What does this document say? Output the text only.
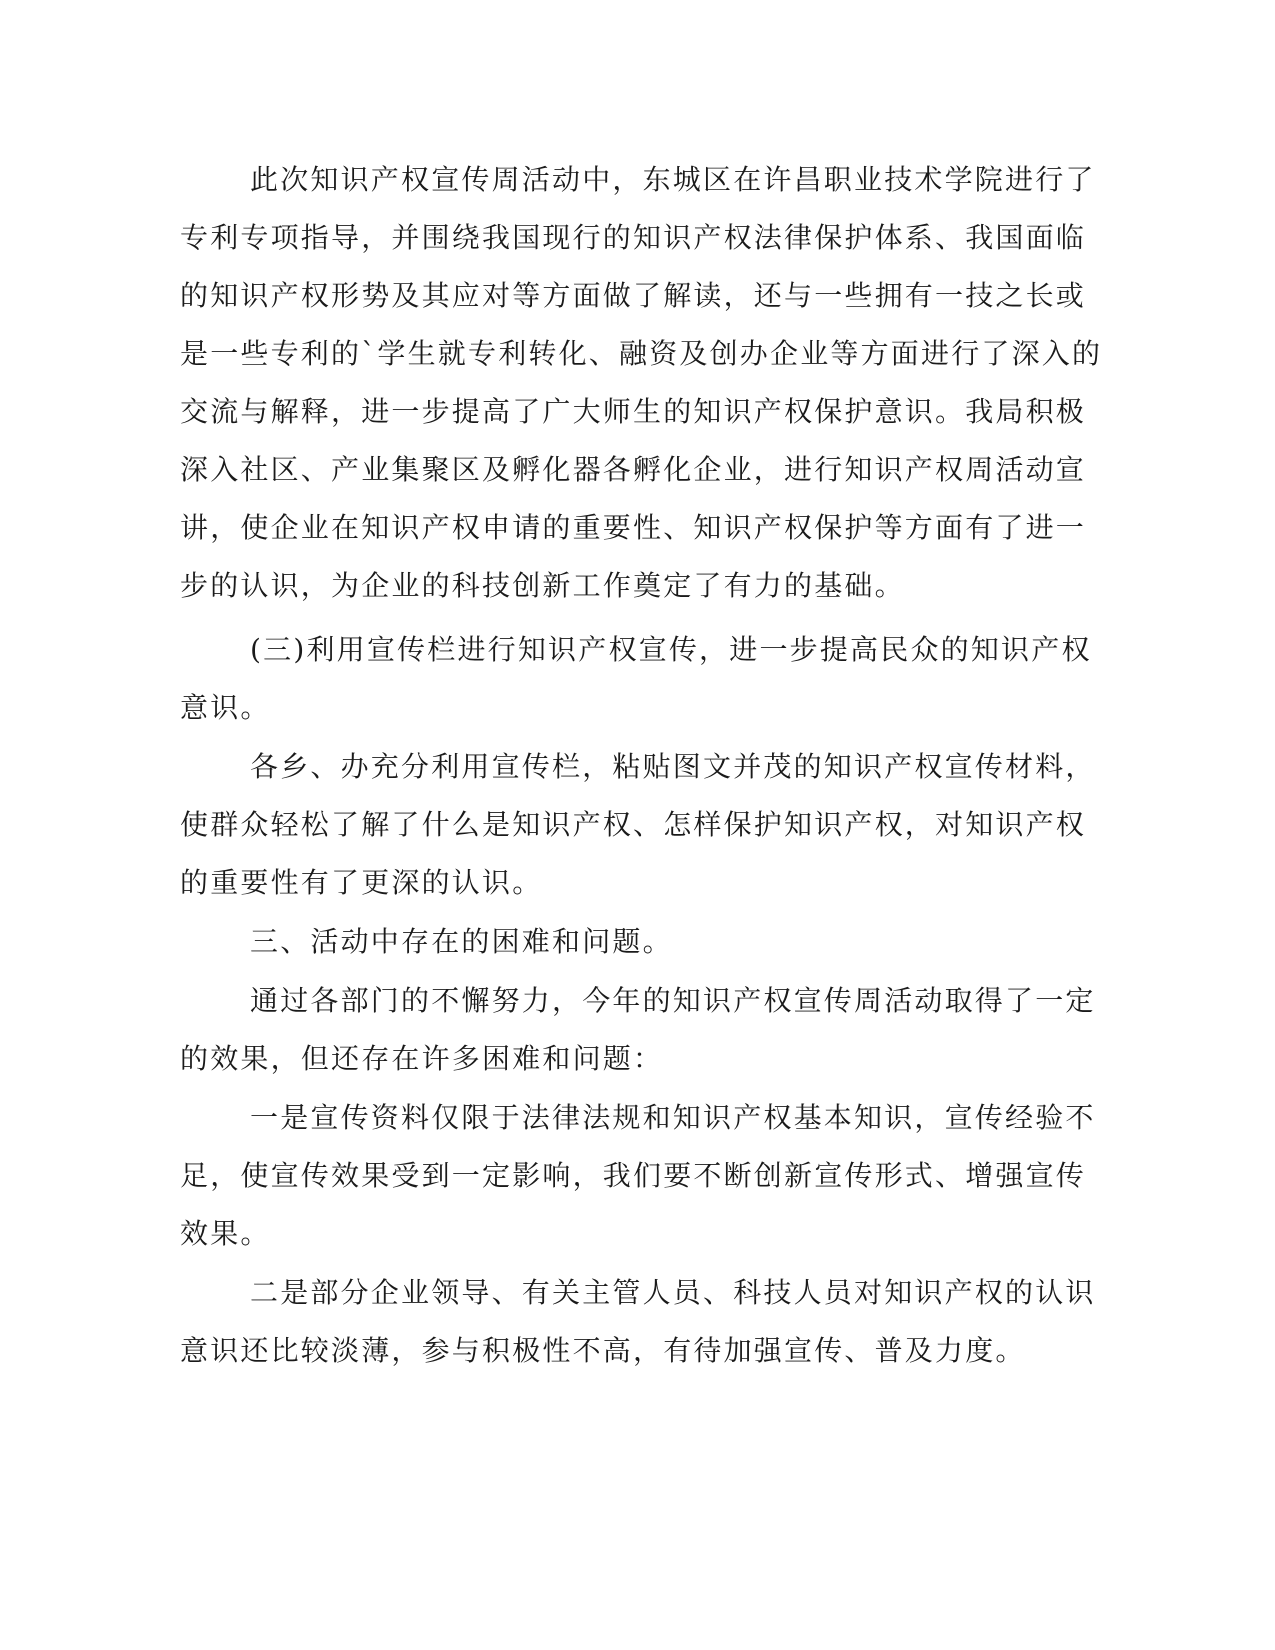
此次知识产权宣传周活动中，东城区在许昌职业技术学院进行了
专利专项指导，并围绕我国现行的知识产权法律保护体系、我国面临
的知识产权形势及其应对等方面做了解读，还与一些拥有一技之长或
是一些专利的`学生就专利转化、融资及创办企业等方面进行了深入的
交流与解释，进一步提高了广大师生的知识产权保护意识。我局积极
深入社区、产业集聚区及孵化器各孵化企业，进行知识产权周活动宣
讲，使企业在知识产权申请的重要性、知识产权保护等方面有了进一
步的认识，为企业的科技创新工作奠定了有力的基础。
(三)利用宣传栏进行知识产权宣传，进一步提高民众的知识产权
意识。
各乡、办充分利用宣传栏，粘贴图文并茂的知识产权宣传材料，
使群众轻松了解了什么是知识产权、怎样保护知识产权，对知识产权
的重要性有了更深的认识。
三、活动中存在的困难和问题。
通过各部门的不懈努力，今年的知识产权宣传周活动取得了一定
的效果，但还存在许多困难和问题：
一是宣传资料仅限于法律法规和知识产权基本知识，宣传经验不
足，使宣传效果受到一定影响，我们要不断创新宣传形式、增强宣传
效果。
二是部分企业领导、有关主管人员、科技人员对知识产权的认识
意识还比较淡薄，参与积极性不高，有待加强宣传、普及力度。
